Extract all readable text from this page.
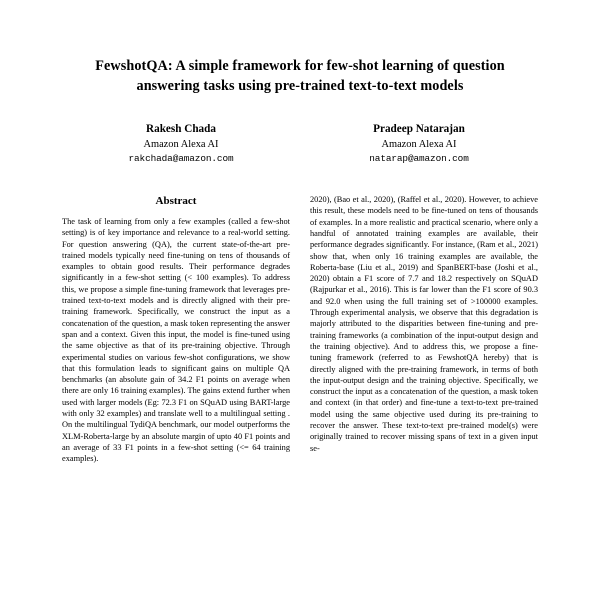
FewshotQA: A simple framework for few-shot learning of question answering tasks using pre-trained text-to-text models
Rakesh Chada
Amazon Alexa AI
rakchada@amazon.com
Pradeep Natarajan
Amazon Alexa AI
natarap@amazon.com
Abstract

The task of learning from only a few examples (called a few-shot setting) is of key importance and relevance to a real-world setting. For question answering (QA), the current state-of-the-art pre-trained models typically need fine-tuning on tens of thousands of examples to obtain good results. Their performance degrades significantly in a few-shot setting (< 100 examples). To address this, we propose a simple fine-tuning framework that leverages pre-trained text-to-text models and is directly aligned with their pre-training framework. Specifically, we construct the input as a concatenation of the question, a mask token representing the answer span and a context. Given this input, the model is fine-tuned using the same objective as that of its pre-training objective. Through experimental studies on various few-shot configurations, we show that this formulation leads to significant gains on multiple QA benchmarks (an absolute gain of 34.2 F1 points on average when there are only 16 training examples). The gains extend further when used with larger models (Eg: 72.3 F1 on SQuAD using BART-large with only 32 examples) and translate well to a multilingual setting . On the multilingual TydiQA benchmark, our model outperforms the XLM-Roberta-large by an absolute margin of upto 40 F1 points and an average of 33 F1 points in a few-shot setting (<= 64 training examples).

2020), (Bao et al., 2020), (Raffel et al., 2020). However, to achieve this result, these models need to be fine-tuned on tens of thousands of examples. In a more realistic and practical scenario, where only a handful of annotated training examples are available, their performance degrades significantly. For instance, (Ram et al., 2021) show that, when only 16 training examples are available, the Roberta-base (Liu et al., 2019) and SpanBERT-base (Joshi et al., 2020) obtain a F1 score of 7.7 and 18.2 respectively on SQuAD (Rajpurkar et al., 2016). This is far lower than the F1 score of 90.3 and 92.0 when using the full training set of >100000 examples. Through experimental analysis, we observe that this degradation is majorly attributed to the disparities between fine-tuning and pre-training frameworks (a combination of the input-output design and the training objective). And to address this, we propose a fine-tuning framework (referred to as FewshotQA hereby) that is directly aligned with the pre-training framework, in terms of both the input-output design and the training objective. Specifically, we construct the input as a concatenation of the question, a mask token and context (in that order) and fine-tune a text-to-text pre-trained model using the same objective used during its pre-training to recover the answer. These text-to-text pre-trained model(s) were originally trained to recover missing spans of text in a given input se-
